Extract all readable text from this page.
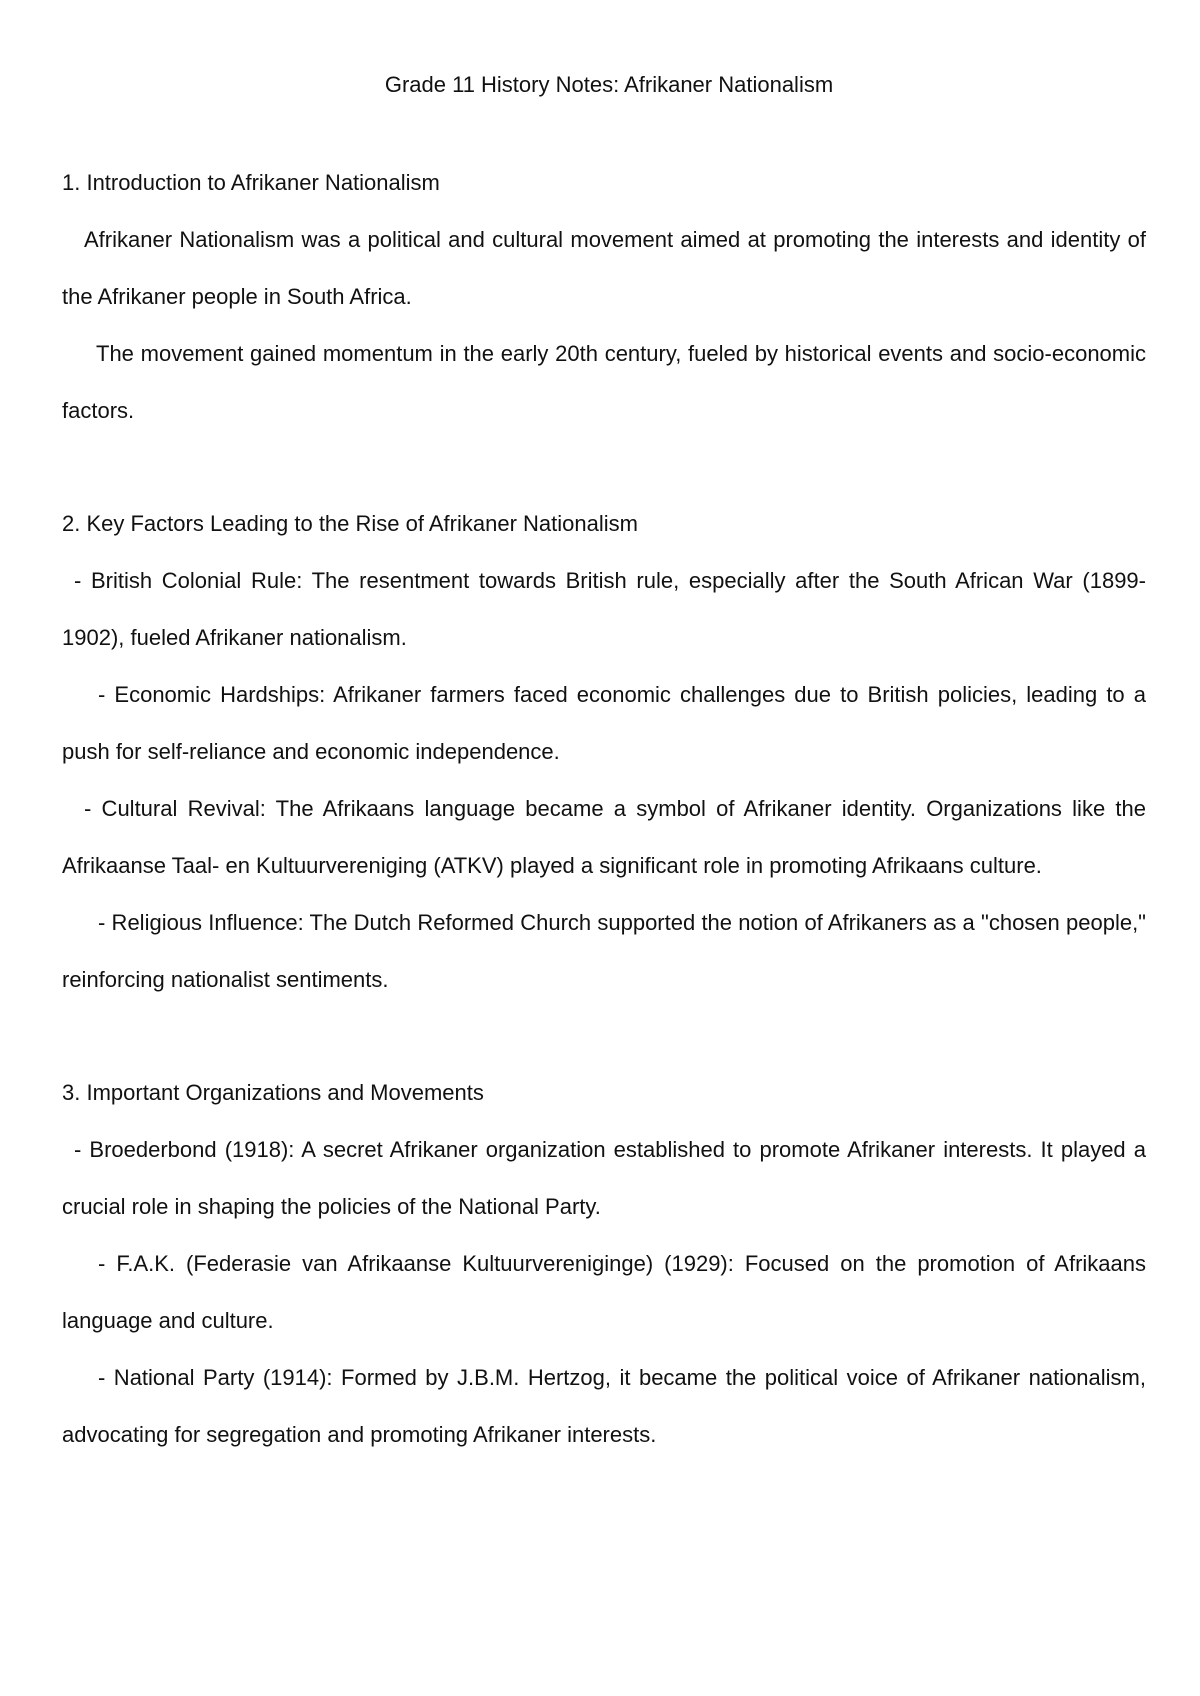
Grade 11 History Notes: Afrikaner Nationalism
1. Introduction to Afrikaner Nationalism

Afrikaner Nationalism was a political and cultural movement aimed at promoting the interests and identity of the Afrikaner people in South Africa.

The movement gained momentum in the early 20th century, fueled by historical events and socio-economic factors.

2. Key Factors Leading to the Rise of Afrikaner Nationalism

- British Colonial Rule: The resentment towards British rule, especially after the South African War (1899-1902), fueled Afrikaner nationalism.

- Economic Hardships: Afrikaner farmers faced economic challenges due to British policies, leading to a push for self-reliance and economic independence.

- Cultural Revival: The Afrikaans language became a symbol of Afrikaner identity. Organizations like the Afrikaanse Taal- en Kultuurvereniging (ATKV) played a significant role in promoting Afrikaans culture.

- Religious Influence: The Dutch Reformed Church supported the notion of Afrikaners as a "chosen people," reinforcing nationalist sentiments.

3. Important Organizations and Movements

- Broederbond (1918): A secret Afrikaner organization established to promote Afrikaner interests. It played a crucial role in shaping the policies of the National Party.

- F.A.K. (Federasie van Afrikaanse Kultuurvereniginge) (1929): Focused on the promotion of Afrikaans language and culture.

- National Party (1914): Formed by J.B.M. Hertzog, it became the political voice of Afrikaner nationalism, advocating for segregation and promoting Afrikaner interests.
